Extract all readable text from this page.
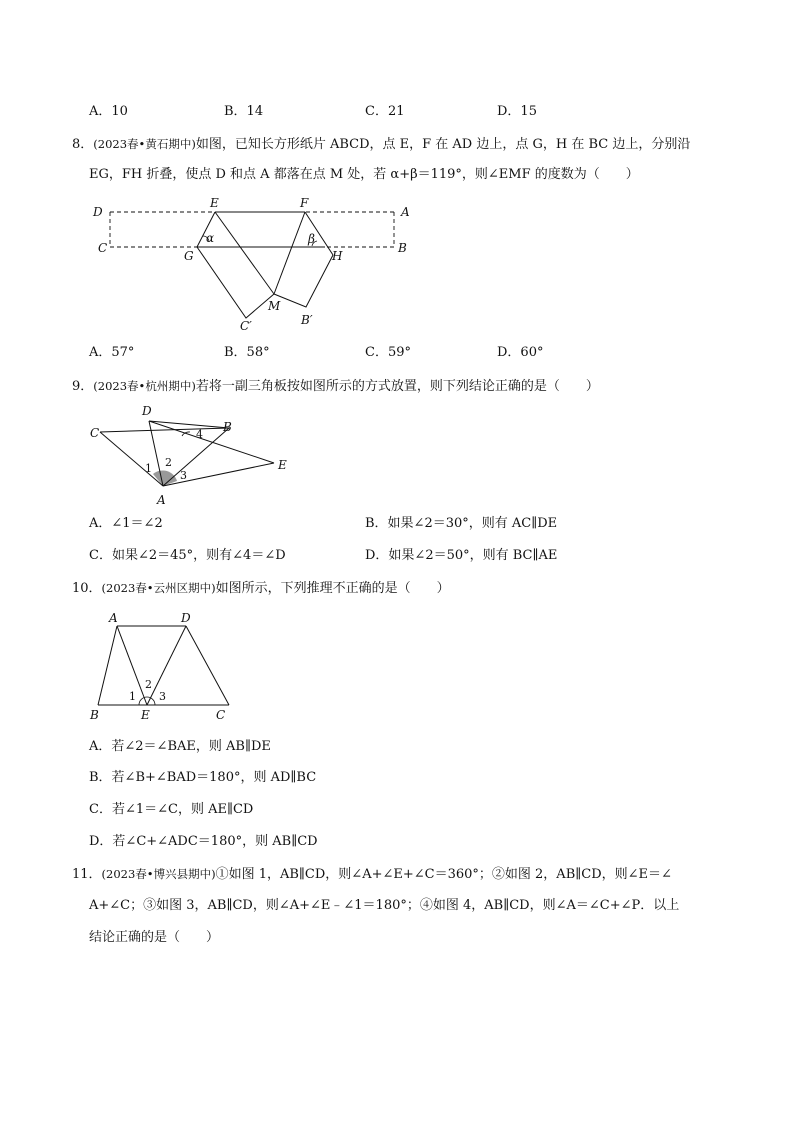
A．10	B．14	C．21	D．15
8．(2023春•黄石期中)如图，已知长方形纸片 ABCD，点 E，F 在 AD 边上，点 G，H 在 BC 边上，分别沿
EG，FH 折叠，使点 D 和点 A 都落在点 M 处，若 α+β＝119°，则∠EMF 的度数为（　　）
D
E	F
A
C
G	H
B
M
C′	B′
α	β
A．57°	B．58°	C．59°	D．60°
9．(2023春•杭州期中)若将一副三角板按如图所示的方式放置，则下列结论正确的是（　　）
D
C	B
E
A
1 2
3
4
A．∠1＝∠2	B．如果∠2＝30°，则有 AC∥DE
C．如果∠2＝45°，则有∠4＝∠D	D．如果∠2＝50°，则有 BC∥AE
10．(2023春•云州区期中)如图所示，下列推理不正确的是（　　）
A	D
B	E	C
1
2
3
A．若∠2＝∠BAE，则 AB∥DE
B．若∠B+∠BAD＝180°，则 AD∥BC
C．若∠1＝∠C，则 AE∥CD
D．若∠C+∠ADC＝180°，则 AB∥CD
11．(2023春•博兴县期中)①如图 1，AB∥CD，则∠A+∠E+∠C＝360°；②如图 2，AB∥CD，则∠E＝∠
A+∠C；③如图 3，AB∥CD，则∠A+∠E﹣∠1＝180°；④如图 4，AB∥CD，则∠A＝∠C+∠P．以上
结论正确的是（　　）
